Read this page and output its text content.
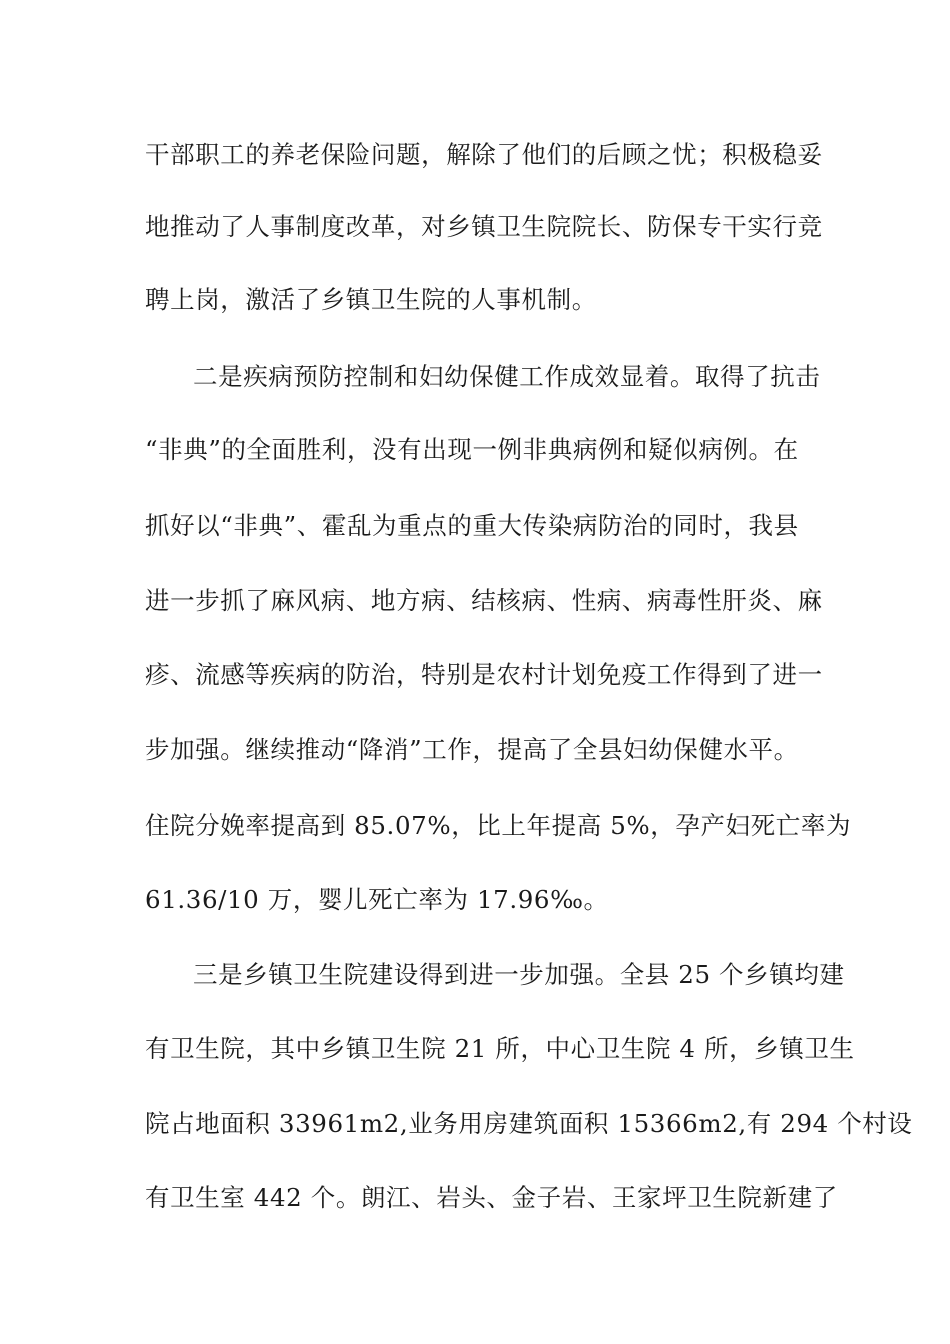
干部职工的养老保险问题，解除了他们的后顾之忧；积极稳妥
地推动了人事制度改革，对乡镇卫生院院长、防保专干实行竞
聘上岗，激活了乡镇卫生院的人事机制。
二是疾病预防控制和妇幼保健工作成效显着。取得了抗击
“非典”的全面胜利，没有出现一例非典病例和疑似病例。在
抓好以“非典”、霍乱为重点的重大传染病防治的同时，我县
进一步抓了麻风病、地方病、结核病、性病、病毒性肝炎、麻
疹、流感等疾病的防治，特别是农村计划免疫工作得到了进一
步加强。继续推动“降消”工作，提高了全县妇幼保健水平。
住院分娩率提高到 85.07%，比上年提高 5%，孕产妇死亡率为
61.36/10 万，婴儿死亡率为 17.96‰。
三是乡镇卫生院建设得到进一步加强。全县 25 个乡镇均建
有卫生院，其中乡镇卫生院 21 所，中心卫生院 4 所，乡镇卫生
院占地面积 33961m2,业务用房建筑面积 15366m2,有 294 个村设
有卫生室 442 个。朗江、岩头、金子岩、王家坪卫生院新建了
